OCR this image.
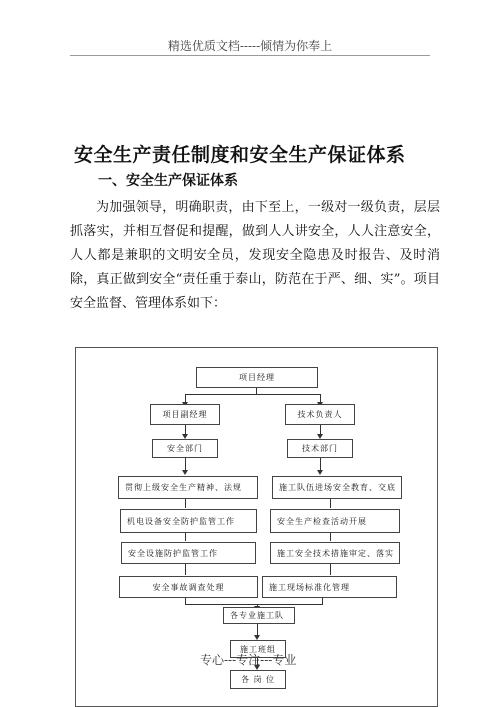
精选优质文档-----倾情为你奉上
安全生产责任制度和安全生产保证体系
一、安全生产保证体系
为加强领导，明确职责，由下至上，一级对一级负责，层层抓落实，并相互督促和提醒，做到人人讲安全，人人注意安全，人人都是兼职的文明安全员，发现安全隐患及时报告、及时消除，真正做到安全“责任重于泰山，防范在于严、细、实”。项目安全监督、管理体系如下：
项目经理
项目副经理	技术负责人
安全部门	技术部门
贯彻上级安全生产精神、法规	施工队伍进场安全教育、交底
机电设备安全防护监管工作	安全生产检查活动开展
安全设施防护监管工作	施工安全技术措施审定、落实
安全事故调查处理	施工现场标准化管理
各专业施工队
施工班组
专心---专注---专业
各 岗 位
